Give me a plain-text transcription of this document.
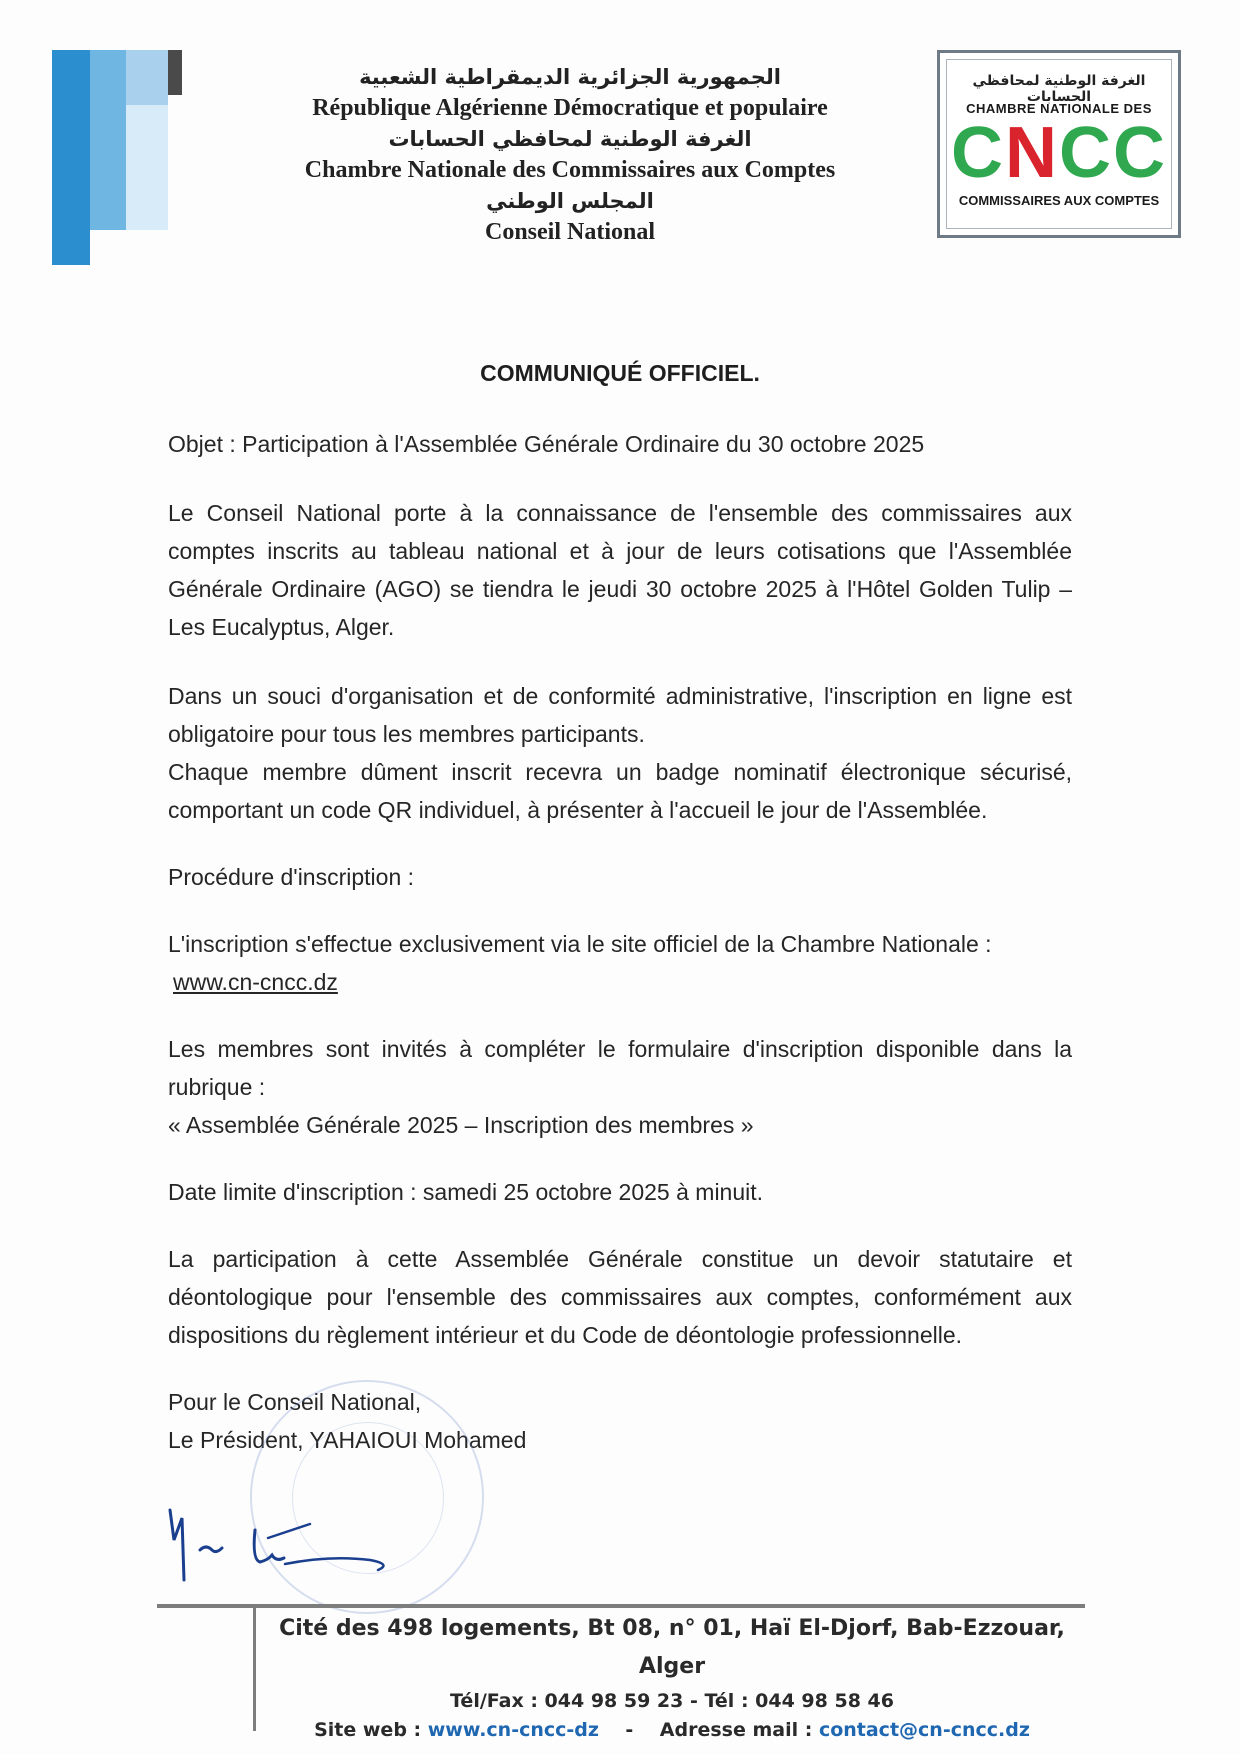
الجمهورية الجزائرية الديمقراطية الشعبية
République Algérienne Démocratique et populaire
الغرفة الوطنية لمحافظي الحسابات
Chambre Nationale des Commissaires aux Comptes
المجلس الوطني
Conseil National
الغرفة الوطنية لمحافظي الحسابات
CHAMBRE NATIONALE DES
CNCC
COMMISSAIRES AUX COMPTES
COMMUNIQUÉ OFFICIEL.

Objet : Participation à l'Assemblée Générale Ordinaire du 30 octobre 2025

Le Conseil National porte à la connaissance de l'ensemble des commissaires aux comptes inscrits au tableau national et à jour de leurs cotisations que l'Assemblée Générale Ordinaire (AGO) se tiendra le jeudi 30 octobre 2025 à l'Hôtel Golden Tulip – Les Eucalyptus, Alger.

Dans un souci d'organisation et de conformité administrative, l'inscription en ligne est obligatoire pour tous les membres participants.

Chaque membre dûment inscrit recevra un badge nominatif électronique sécurisé, comportant un code QR individuel, à présenter à l'accueil le jour de l'Assemblée.

Procédure d'inscription :

L'inscription s'effectue exclusivement via le site officiel de la Chambre Nationale :

www.cn-cncc.dz

Les membres sont invités à compléter le formulaire d'inscription disponible dans la rubrique :

« Assemblée Générale 2025 – Inscription des membres »

Date limite d'inscription : samedi 25 octobre 2025 à minuit.

La participation à cette Assemblée Générale constitue un devoir statutaire et déontologique pour l'ensemble des commissaires aux comptes, conformément aux dispositions du règlement intérieur et du Code de déontologie professionnelle.

Pour le Conseil National,

Le Président, YAHAIOUI Mohamed

Cité des 498 logements, Bt 08, n° 01, Haï El-Djorf, Bab-Ezzouar, Alger
Tél/Fax : 044 98 59 23 - Tél : 044 98 58 46
Site web : www.cn-cncc-dz - Adresse mail : contact@cn-cncc.dz
